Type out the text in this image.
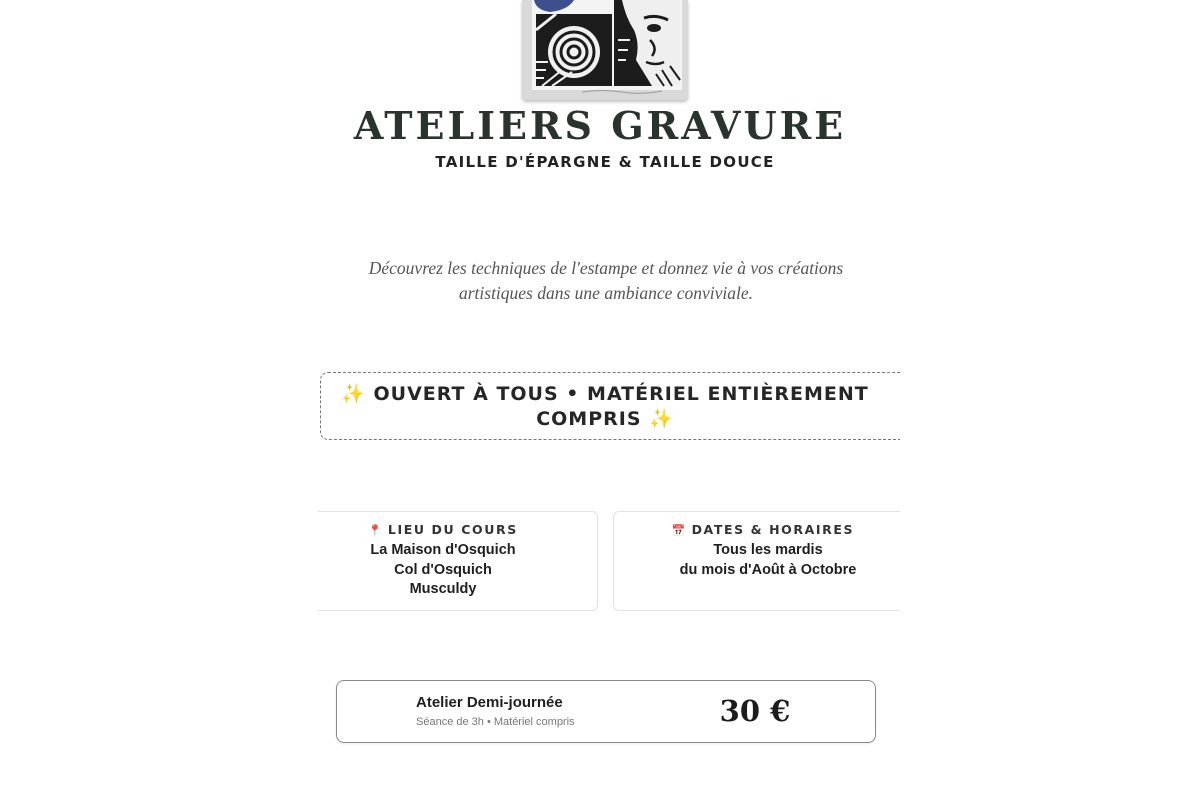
ATELIERS GRAVURE
TAILLE D'ÉPARGNE & TAILLE DOUCE
Découvrez les techniques de l'estampe et donnez vie à vos créations
artistiques dans une ambiance conviviale.
✨ OUVERT À TOUS • MATÉRIEL ENTIÈREMENT
COMPRIS ✨
📍 LIEU DU COURS
La Maison d'Osquich
Col d'Osquich
Musculdy
📅 DATES & HORAIRES
Tous les mardis
du mois d'Août à Octobre
Atelier Demi-journée
Séance de 3h • Matériel compris	30 €
